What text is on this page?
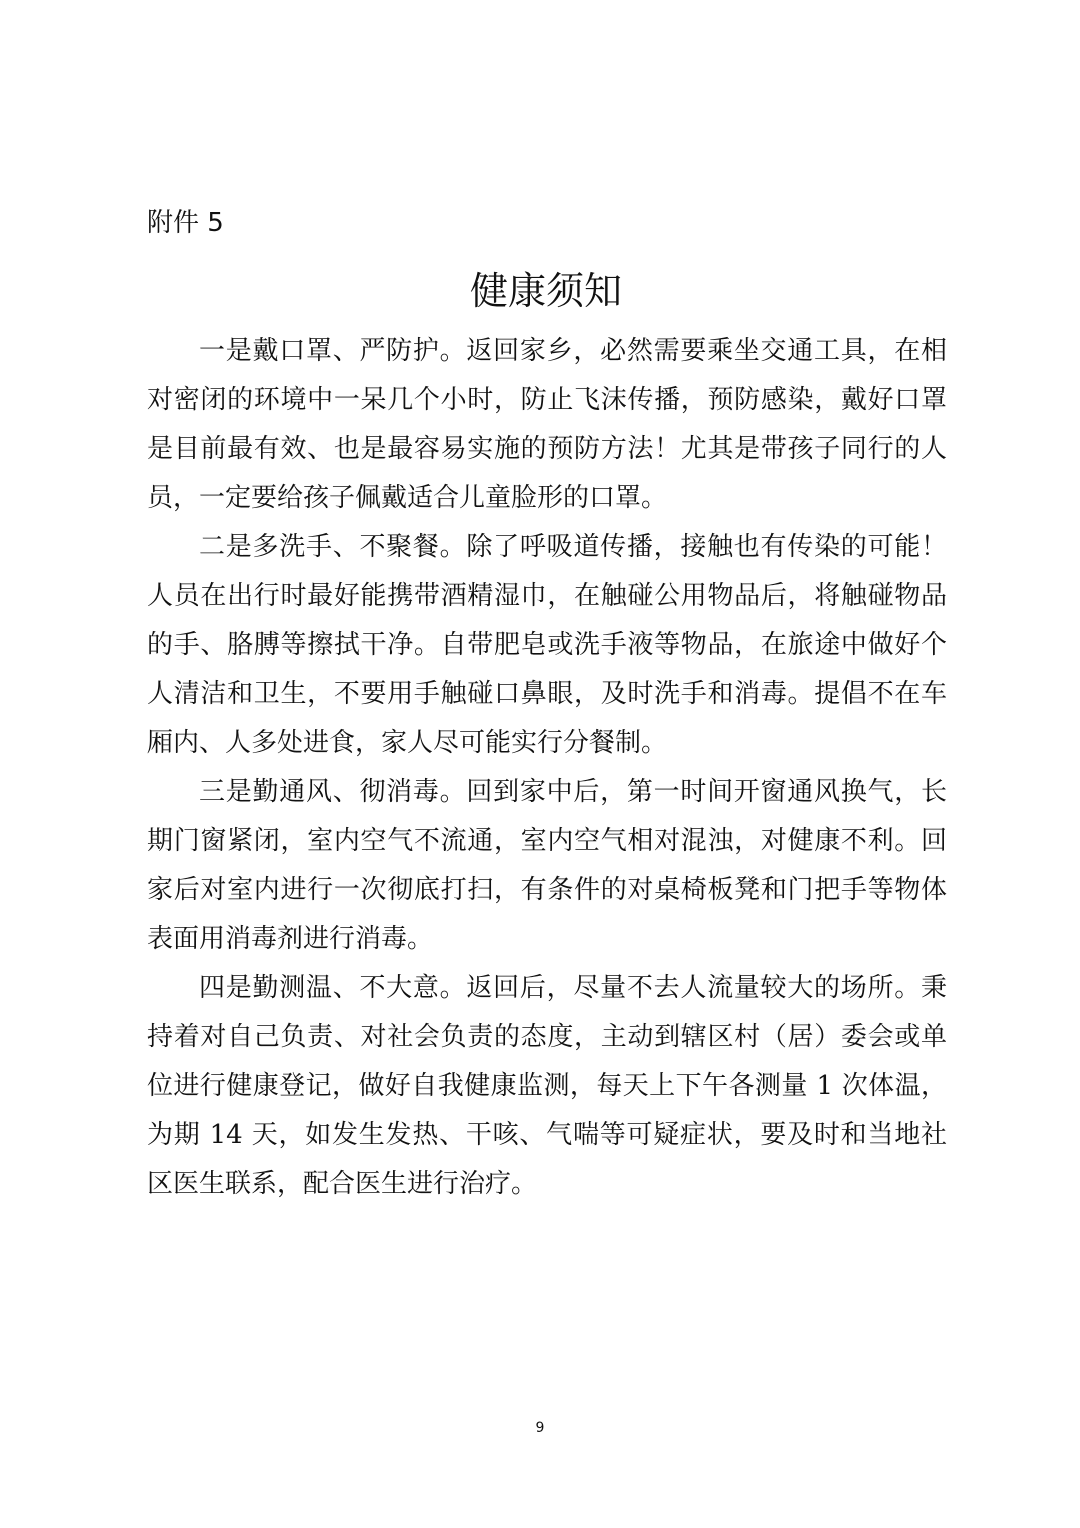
附件 5
健康须知

一是戴口罩、严防护。返回家乡，必然需要乘坐交通工具，在相对密闭的环境中一呆几个小时，防止飞沫传播，预防感染，戴好口罩是目前最有效、也是最容易实施的预防方法！尤其是带孩子同行的人员，一定要给孩子佩戴适合儿童脸形的口罩。

二是多洗手、不聚餐。除了呼吸道传播，接触也有传染的可能！人员在出行时最好能携带酒精湿巾，在触碰公用物品后，将触碰物品的手、胳膊等擦拭干净。自带肥皂或洗手液等物品，在旅途中做好个人清洁和卫生，不要用手触碰口鼻眼，及时洗手和消毒。提倡不在车厢内、人多处进食，家人尽可能实行分餐制。

三是勤通风、彻消毒。回到家中后，第一时间开窗通风换气，长期门窗紧闭，室内空气不流通，室内空气相对混浊，对健康不利。回家后对室内进行一次彻底打扫，有条件的对桌椅板凳和门把手等物体表面用消毒剂进行消毒。

四是勤测温、不大意。返回后，尽量不去人流量较大的场所。秉持着对自己负责、对社会负责的态度，主动到辖区村（居）委会或单位进行健康登记，做好自我健康监测，每天上下午各测量 1 次体温，为期 14 天，如发生发热、干咳、气喘等可疑症状，要及时和当地社区医生联系，配合医生进行治疗。

9
